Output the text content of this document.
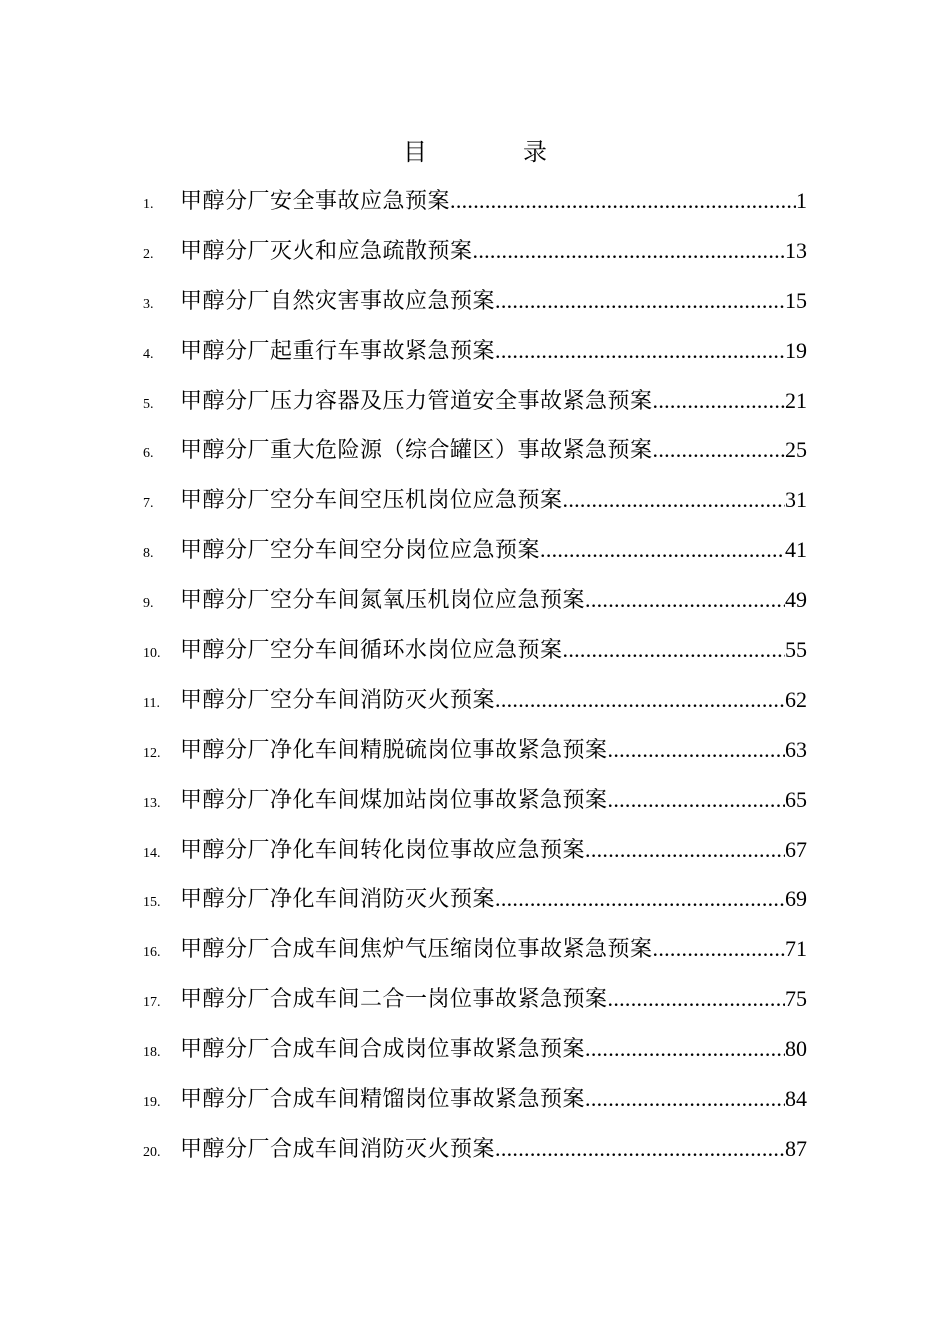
目　录
1.	甲醇分厂安全事故应急预案 .....	1
2.	甲醇分厂灭火和应急疏散预案 .....	13
3.	甲醇分厂自然灾害事故应急预案 .....	15
4.	甲醇分厂起重行车事故紧急预案 .....	19
5.	甲醇分厂压力容器及压力管道安全事故紧急预案 .....	21
6.	甲醇分厂重大危险源（综合罐区）事故紧急预案 .....	25
7.	甲醇分厂空分车间空压机岗位应急预案 .....	31
8.	甲醇分厂空分车间空分岗位应急预案 .....	41
9.	甲醇分厂空分车间氮氧压机岗位应急预案 .....	49
10. 甲醇分厂空分车间循环水岗位应急预案 .....	55
11. 甲醇分厂空分车间消防灭火预案 .....	62
12. 甲醇分厂净化车间精脱硫岗位事故紧急预案 .....	63
13. 甲醇分厂净化车间煤加站岗位事故紧急预案 .....	65
14. 甲醇分厂净化车间转化岗位事故应急预案 .....	67
15. 甲醇分厂净化车间消防灭火预案 .....	69
16. 甲醇分厂合成车间焦炉气压缩岗位事故紧急预案 .....	71
17. 甲醇分厂合成车间二合一岗位事故紧急预案 .....	75
18. 甲醇分厂合成车间合成岗位事故紧急预案 .....	80
19. 甲醇分厂合成车间精馏岗位事故紧急预案 .....	84
20. 甲醇分厂合成车间消防灭火预案 .....	87
